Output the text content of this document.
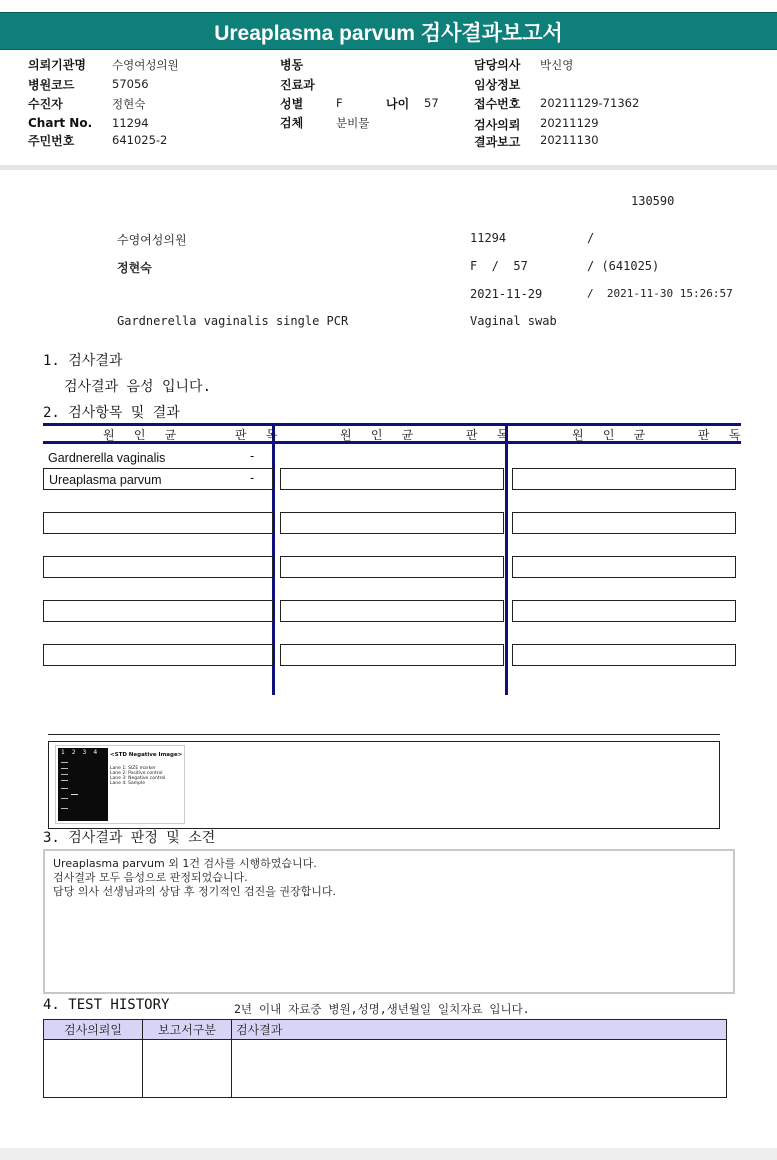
Ureaplasma parvum 검사결과보고서
의뢰기관명 수영여성의원
병원코드	57056
수진자	정현숙
Chart No. 11294
주민번호	641025-2
병동
진료과
성별	F	나이 57
검체	분비물
담당의사 박신영
임상정보
접수번호 20211129-71362
검사의뢰 20211129
결과보고 20211130
130590
수영여성의원	11294	/
정현숙	F  /  57	/ (641025)
2021-11-29	/  2021-11-30 15:26:57
Gardnerella vaginalis single PCR	Vaginal swab
1. 검사결과
검사결과 음성 입니다.
2. 검사항목 및 결과
원 인 균	판 독	원 인 균	판 독	원 인 균	판 독
Gardnerella vaginalis	-
Ureaplasma parvum	-
1  2  3  4 <STD Negative Image>
Lane 1: SIZE marker
Lane 2: Positive control
Lane 3: Negative control
Lane 4: Sample
3. 검사결과 판정 및 소견
Ureaplasma parvum 외 1건 검사를 시행하였습니다.
검사결과 모두 음성으로 판정되었습니다.
담당 의사 선생님과의 상담 후 정기적인 검진을 권장합니다.
4. TEST HISTORY	2년 이내 자료중 병원,성명,생년월일 일치자료 입니다.
검사의뢰일	보고서구분	검사결과
